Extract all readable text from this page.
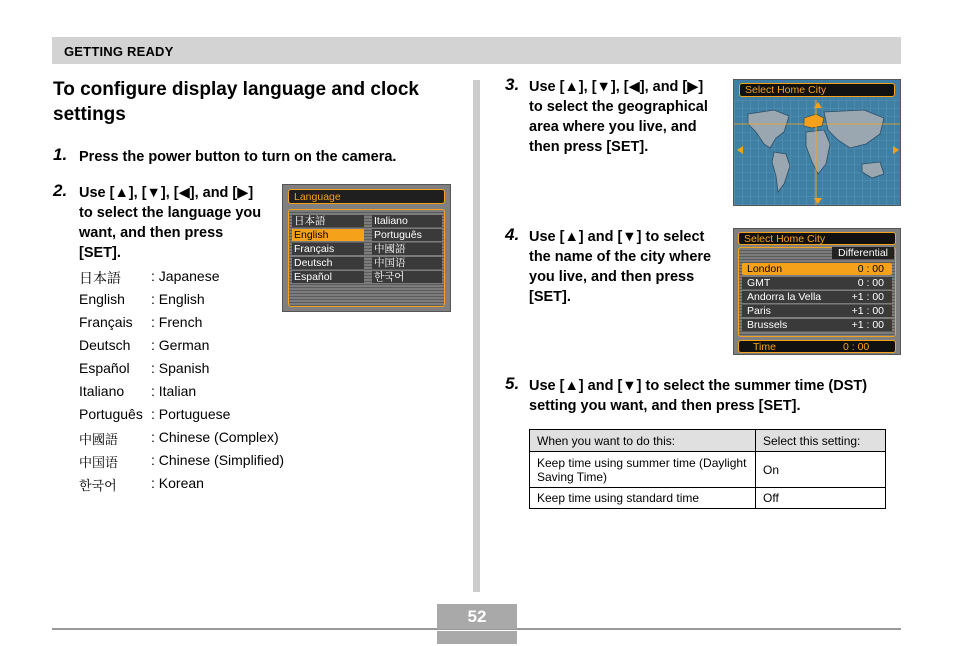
GETTING READY
To configure display language and clock settings
1. Press the power button to turn on the camera.
2. Use [▲], [▼], [◀], and [▶] to select the language you want, and then press [SET].
日本語 : Japanese
English : English
Français : French
Deutsch : German
Español : Spanish
Italiano : Italian
Português : Portuguese
中國語 : Chinese (Complex)
中国语 : Chinese (Simplified)
한국어 : Korean
Language
日本語
English
Français
Deutsch
Español
Italiano
Português
中國語
中国语
한국어
3. Use [▲], [▼], [◀], and [▶] to select the geographical area where you live, and then press [SET].
Select Home City
4. Use [▲] and [▼] to select the name of the city where you live, and then press [SET].
Select Home City
Differential
London	0 : 00
GMT	0 : 00
Andorra la Vella	+1 : 00
Paris	+1 : 00
Brussels	+1 : 00
Time	0 : 00
5. Use [▲] and [▼] to select the summer time (DST) setting you want, and then press [SET].
When you want to do this:	Select this setting:
Keep time using summer time (Daylight Saving Time)	On
Keep time using standard time	Off
52
